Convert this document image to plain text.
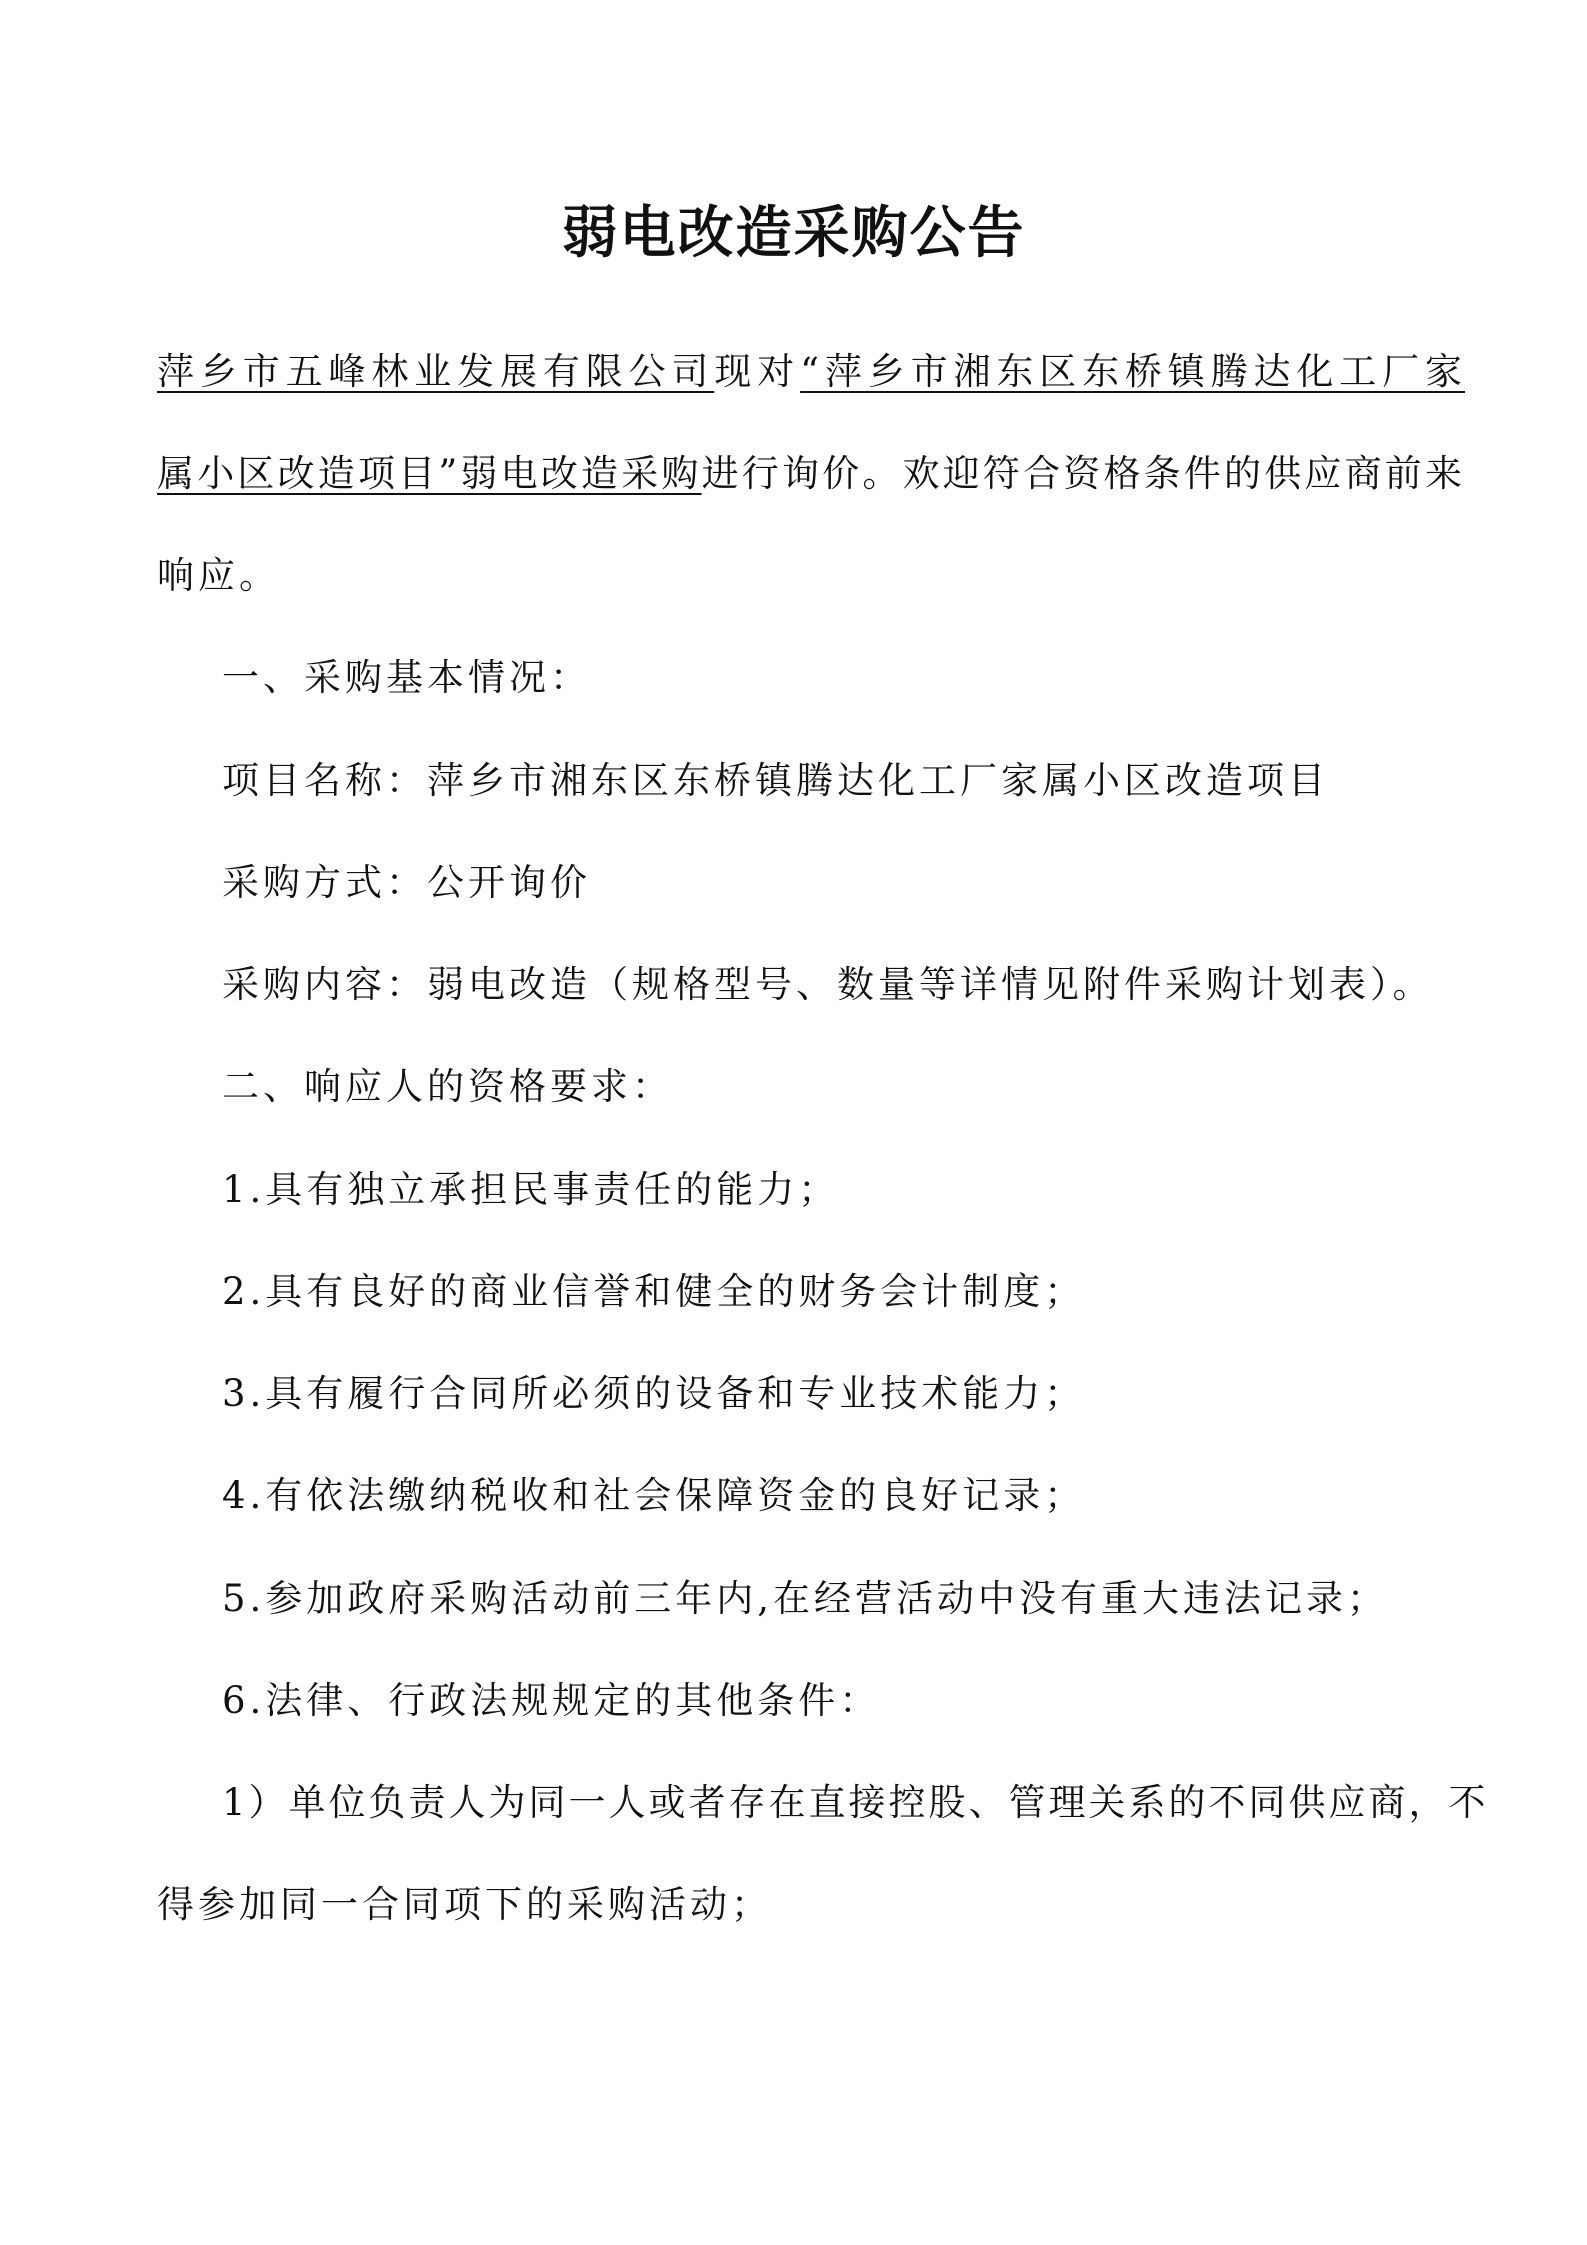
弱电改造采购公告
萍乡市五峰林业发展有限公司现对“萍乡市湘东区东桥镇腾达化工厂家
属小区改造项目”弱电改造采购进行询价。欢迎符合资格条件的供应商前来
响应。
一、采购基本情况：
项目名称：萍乡市湘东区东桥镇腾达化工厂家属小区改造项目
采购方式：公开询价
采购内容：弱电改造（规格型号、数量等详情见附件采购计划表）。
二、响应人的资格要求：
1.具有独立承担民事责任的能力；
2.具有良好的商业信誉和健全的财务会计制度；
3.具有履行合同所必须的设备和专业技术能力；
4.有依法缴纳税收和社会保障资金的良好记录；
5.参加政府采购活动前三年内,在经营活动中没有重大违法记录；
6.法律、行政法规规定的其他条件：
1）单位负责人为同一人或者存在直接控股、管理关系的不同供应商，不
得参加同一合同项下的采购活动；
